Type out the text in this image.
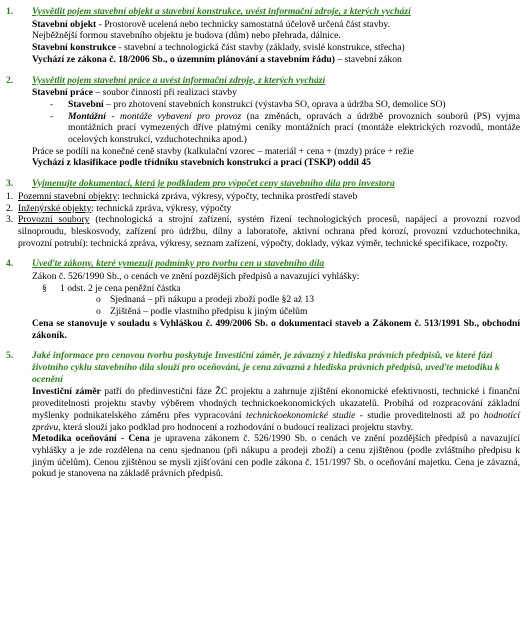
1.	Vysvětlit pojem stavební objekt a stavební konstrukce, uvést informační zdroje, z kterých vychází

Stavební objekt - Prostorově ucelená nebo technicky samostatná účelově určená část stavby.

Nejběžnější formou stavebního objektu je budova (dům) nebo přehrada, dálnice.

Stavební konstrukce - stavební a technologická část stavby (základy, svislé konstrukce, střecha)

Vychází ze zákona č. 18/2006 Sb., o územním plánování a stavebním řádu) – stavební zákon

2.	Vysvětlit pojem stavební práce a uvést informační zdroje, z kterých vychází

Stavební práce – soubor činností při realizaci stavby

-	Stavební – pro zhotovení stavebních konstrukcí (výstavba SO, oprava a údržba SO, demolice SO)
-	Montážní - montáže vybavení pro provoz (na změnách, opravách a údržbě provozních souborů (PS) vyjma montážních prací vymezených dříve platnými ceníky montážních prací (montáže elektrických rozvodů, montáže ocelových konstrukcí, vzduchotechnika apod.)

Práce se podílí na konečné ceně stavby (kalkulační vzorec – materiál + cena + (mzdy) práce + režie

Vychází z klasifikace podle třídníku stavebních konstrukcí a prací (TSKP) oddíl 45

3.	Vyjmenujte dokumentaci, která je podkladem pro výpočet ceny stavebního díla pro investora
1. Pozemní stavební objekty: technická zpráva, výkresy, výpočty, technika prostředí staveb
2. Inženýrské objekty: technická zpráva, výkresy, výpočty
3. Provozní soubory (technologická a strojní zařízení, systém řízení technologických procesů, napájecí a provozní rozvod silnoproudu, bleskosvody, zařízení pro údržbu, dílny a laboratoře, aktivní ochrana před korozí, provozní vzduchotechnika, provozní potrubí): technická zpráva, výkresy, seznam zařízení, výpočty, doklady, výkaz výměr, technické specifikace, rozpočty.
4.	Uveďte zákony, které vymezují podmínky pro tvorbu cen u stavebního díla

Zákon č. 526/1990 Sb., o cenách ve znění pozdějších předpisů a navazující vyhlášky:

§	1 odst. 2 je cena peněžní částka
o Sjednaná – při nákupu a prodeji zboží podle §2 až 13
o Zjištěná – podle vlastního předpisu k jiným účelům

Cena se stanovuje v souladu s Vyhláškou č. 499/2006 Sb. o dokumentaci staveb a Zákonem č. 513/1991 Sb., obchodní zákoník.

5.	Jaké informace pro cenovou tvorbu poskytuje Investiční záměr, je závazný z hlediska právních předpisů, ve které fázi životního cyklu stavebního díla slouží pro oceňování, je cena závazná z hlediska právních předpisů, uveďte metodiku k ocenění

Investiční záměr patří do předinvestiční fáze ŽC projektu a zahrnuje zjištění ekonomické efektivnosti, technické i finanční proveditelnosti projektu stavby výběrem vhodných technickoekonomických ukazatelů. Probíhá od rozpracování základní myšlenky podnikatelského záměru přes vypracování technickoekonomické studie - studie proveditelnosti až po hodnotící zprávu, která slouží jako podklad pro hodnocení a rozhodování o budoucí realizaci projektu stavby.

Metodika oceňování - Cena je upravena zákonem č. 526/1990 Sb. o cenách ve znění pozdějších předpisů a navazující vyhlášky a je zde rozdělena na cenu sjednanou (při nákupu a prodeji zboží) a cenu zjištěnou (podle zvláštního předpisu k jiným účelům). Cenou zjištěnou se myslí zjišťování cen podle zákona č. 151/1997 Sb. o oceňování majetku. Cena je závazná, pokud je stanovena na základě právních předpisů.
